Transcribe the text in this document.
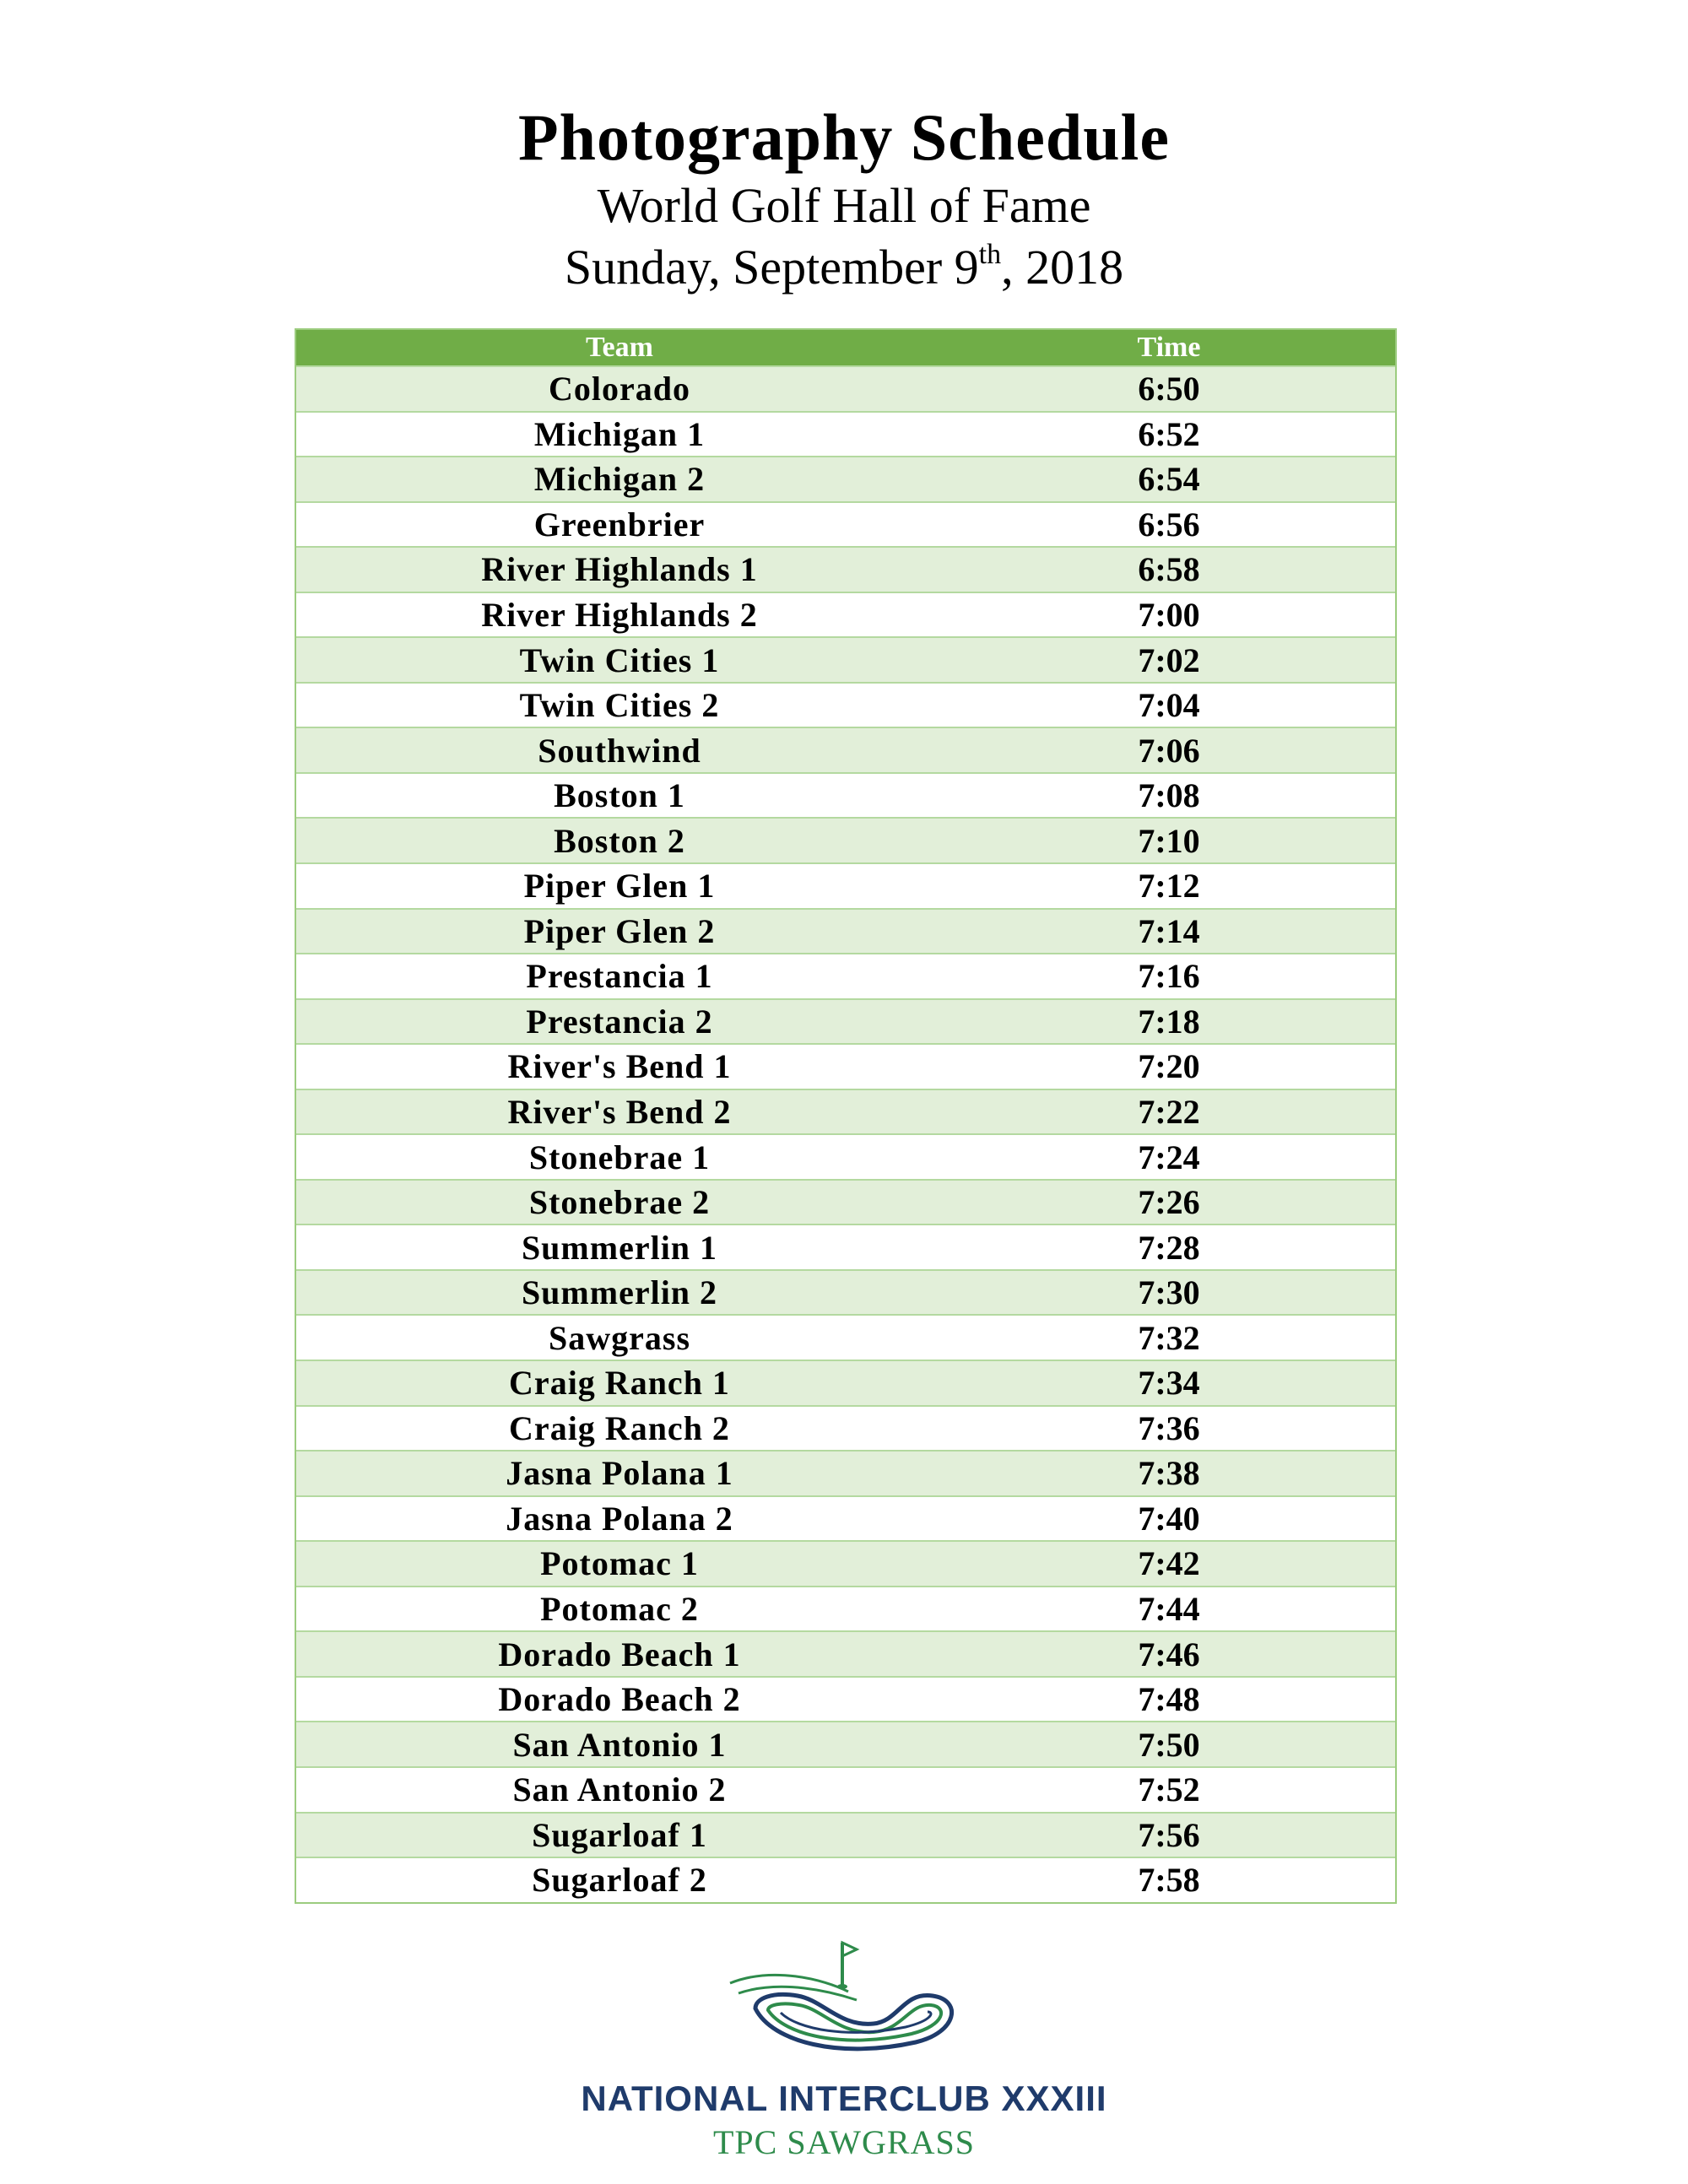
Photography Schedule
World Golf Hall of Fame
Sunday, September 9th, 2018
Team	Time
Colorado	6:50
Michigan 1	6:52
Michigan 2	6:54
Greenbrier	6:56
River Highlands 1	6:58
River Highlands 2	7:00
Twin Cities 1	7:02
Twin Cities 2	7:04
Southwind	7:06
Boston 1	7:08
Boston 2	7:10
Piper Glen 1	7:12
Piper Glen 2	7:14
Prestancia 1	7:16
Prestancia 2	7:18
River's Bend 1	7:20
River's Bend 2	7:22
Stonebrae 1	7:24
Stonebrae 2	7:26
Summerlin 1	7:28
Summerlin 2	7:30
Sawgrass	7:32
Craig Ranch 1	7:34
Craig Ranch 2	7:36
Jasna Polana 1	7:38
Jasna Polana 2	7:40
Potomac 1	7:42
Potomac 2	7:44
Dorado Beach 1	7:46
Dorado Beach 2	7:48
San Antonio 1	7:50
San Antonio 2	7:52
Sugarloaf 1	7:56
Sugarloaf 2	7:58
NATIONAL INTERCLUB XXXIII
TPC SAWGRASS
